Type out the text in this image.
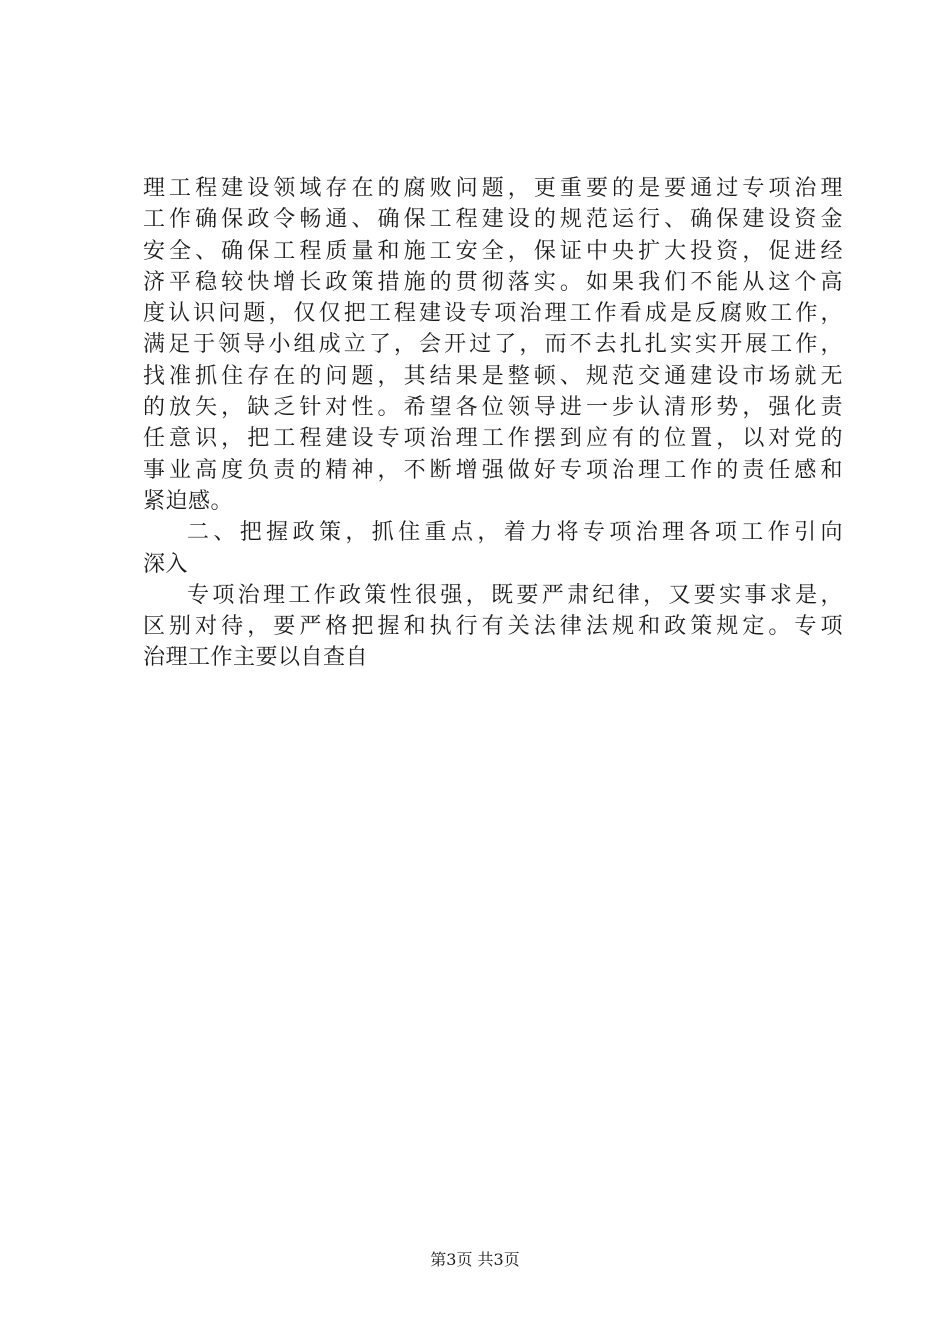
理工程建设领域存在的腐败问题，更重要的是要通过专项治理
工作确保政令畅通、确保工程建设的规范运行、确保建设资金
安全、确保工程质量和施工安全，保证中央扩大投资，促进经
济平稳较快增长政策措施的贯彻落实。如果我们不能从这个高
度认识问题，仅仅把工程建设专项治理工作看成是反腐败工作，
满足于领导小组成立了，会开过了，而不去扎扎实实开展工作，
找准抓住存在的问题，其结果是整顿、规范交通建设市场就无
的放矢，缺乏针对性。希望各位领导进一步认清形势，强化责
任意识，把工程建设专项治理工作摆到应有的位置，以对党的
事业高度负责的精神，不断增强做好专项治理工作的责任感和
紧迫感。
二、把握政策，抓住重点，着力将专项治理各项工作引向
深入
专项治理工作政策性很强，既要严肃纪律，又要实事求是，
区别对待，要严格把握和执行有关法律法规和政策规定。专项
治理工作主要以自查自
第3页 共3页
